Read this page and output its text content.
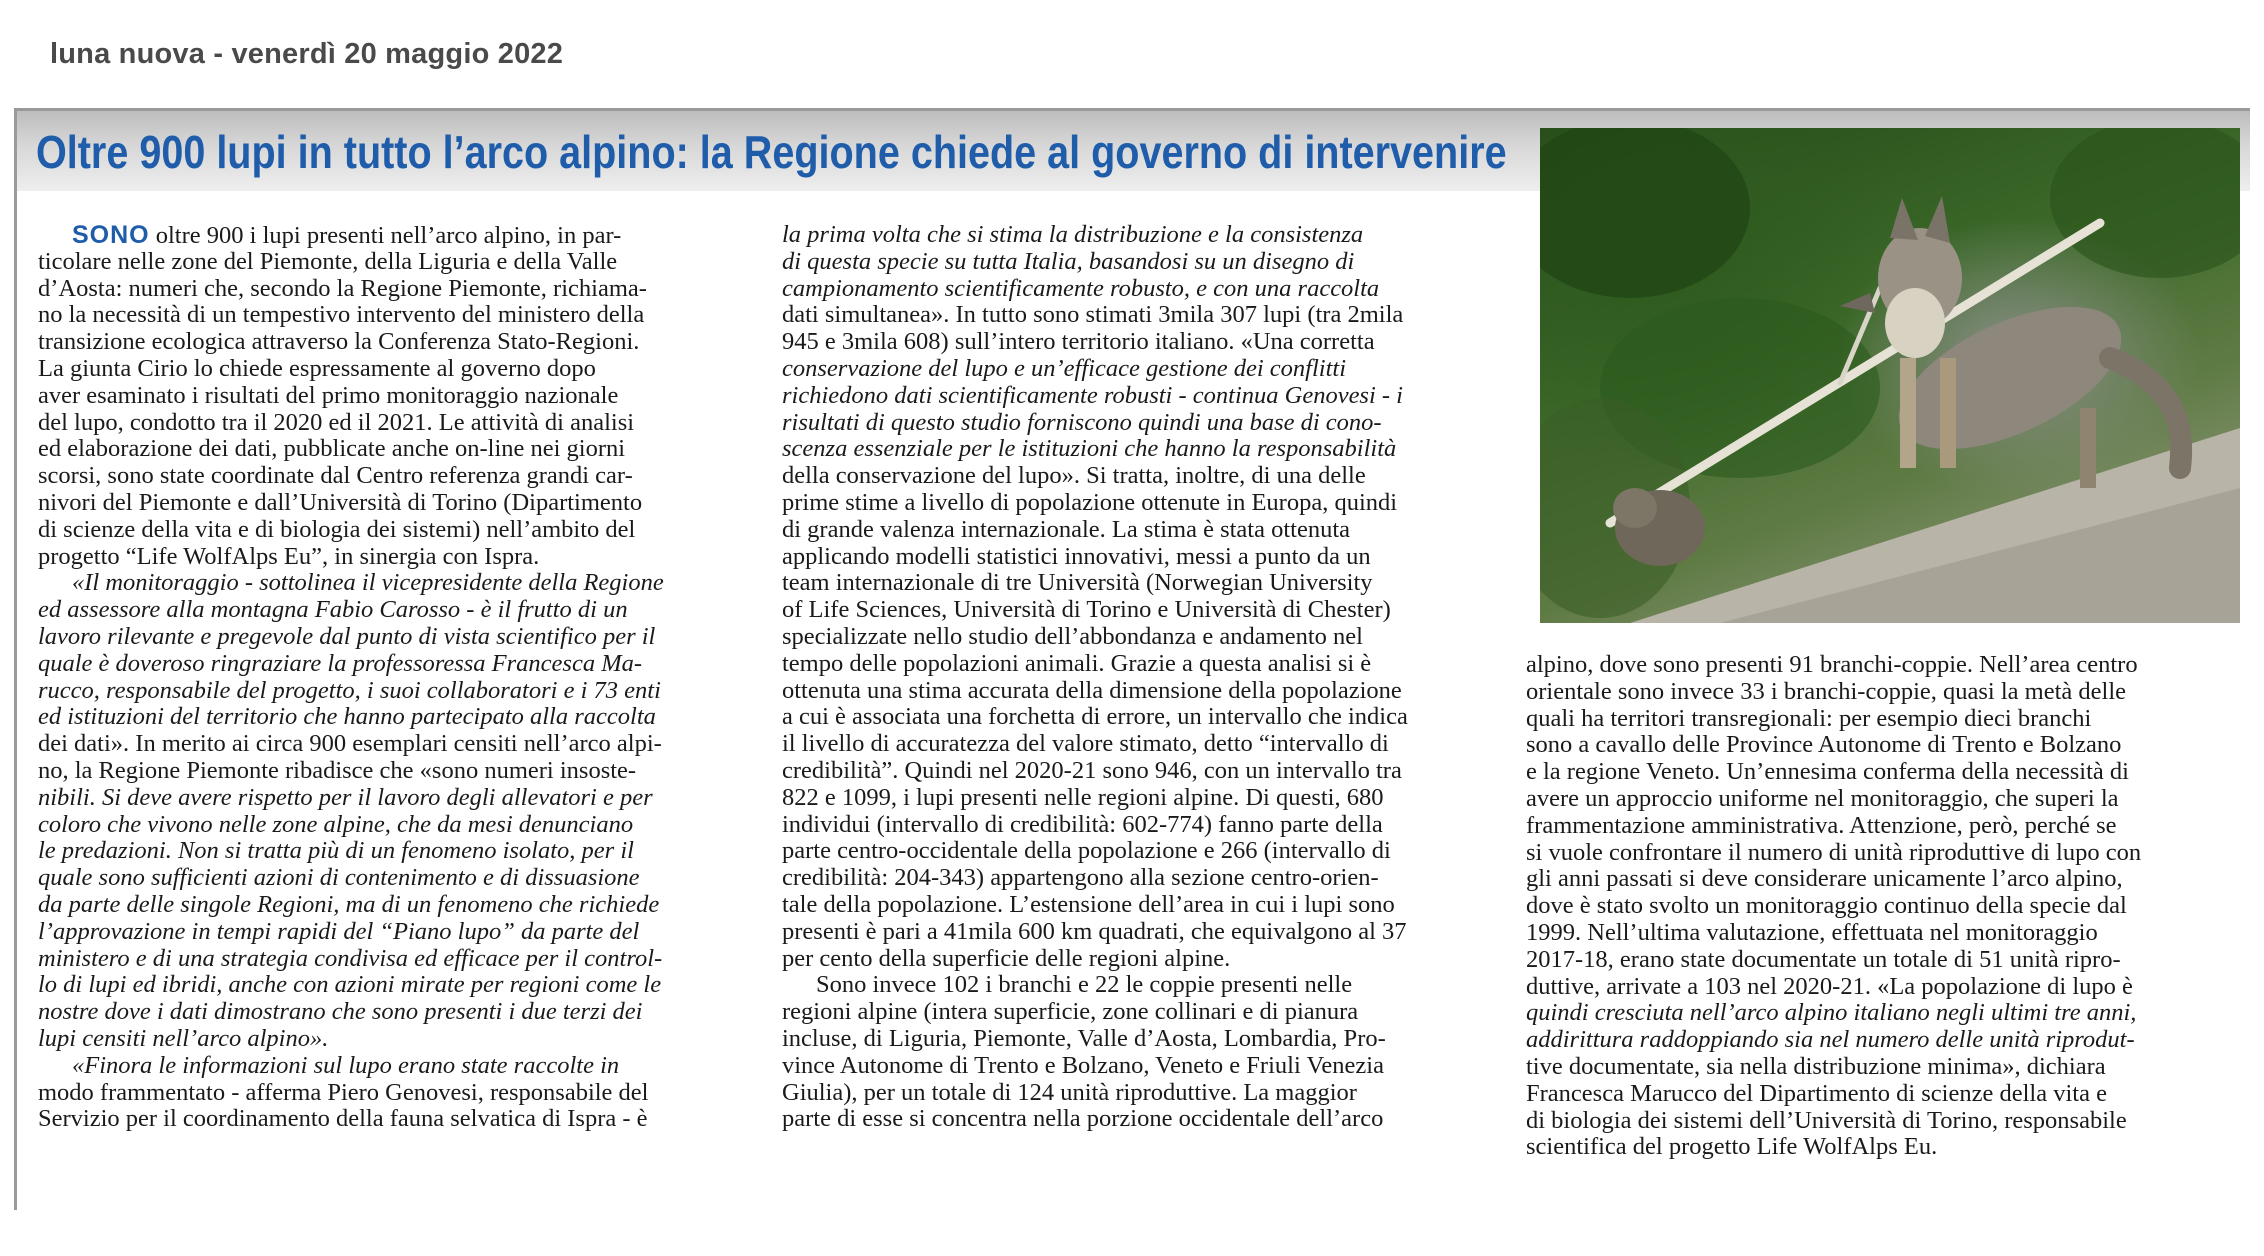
luna nuova - venerdì 20 maggio 2022
Oltre 900 lupi in tutto l’arco alpino: la Regione chiede al governo di intervenire
SONO oltre 900 i lupi presenti nell’arco alpino, in par-
ticolare nelle zone del Piemonte, della Liguria e della Valle
d’Aosta: numeri che, secondo la Regione Piemonte, richiama-
no la necessità di un tempestivo intervento del ministero della
transizione ecologica attraverso la Conferenza Stato-Regioni.
La giunta Cirio lo chiede espressamente al governo dopo
aver esaminato i risultati del primo monitoraggio nazionale
del lupo, condotto tra il 2020 ed il 2021. Le attività di analisi
ed elaborazione dei dati, pubblicate anche on-line nei giorni
scorsi, sono state coordinate dal Centro referenza grandi car-
nivori del Piemonte e dall’Università di Torino (Dipartimento
di scienze della vita e di biologia dei sistemi) nell’ambito del
progetto “Life WolfAlps Eu”, in sinergia con Ispra.
«Il monitoraggio - sottolinea il vicepresidente della Regione
ed assessore alla montagna Fabio Carosso - è il frutto di un
lavoro rilevante e pregevole dal punto di vista scientifico per il
quale è doveroso ringraziare la professoressa Francesca Ma-
rucco, responsabile del progetto, i suoi collaboratori e i 73 enti
ed istituzioni del territorio che hanno partecipato alla raccolta
dei dati». In merito ai circa 900 esemplari censiti nell’arco alpi-
no, la Regione Piemonte ribadisce che «sono numeri insoste-
nibili. Si deve avere rispetto per il lavoro degli allevatori e per
coloro che vivono nelle zone alpine, che da mesi denunciano
le predazioni. Non si tratta più di un fenomeno isolato, per il
quale sono sufficienti azioni di contenimento e di dissuasione
da parte delle singole Regioni, ma di un fenomeno che richiede
l’approvazione in tempi rapidi del “Piano lupo” da parte del
ministero e di una strategia condivisa ed efficace per il control-
lo di lupi ed ibridi, anche con azioni mirate per regioni come le
nostre dove i dati dimostrano che sono presenti i due terzi dei
lupi censiti nell’arco alpino».
«Finora le informazioni sul lupo erano state raccolte in
modo frammentato - afferma Piero Genovesi, responsabile del
Servizio per il coordinamento della fauna selvatica di Ispra - è
la prima volta che si stima la distribuzione e la consistenza
di questa specie su tutta Italia, basandosi su un disegno di
campionamento scientificamente robusto, e con una raccolta
dati simultanea». In tutto sono stimati 3mila 307 lupi (tra 2mila
945 e 3mila 608) sull’intero territorio italiano. «Una corretta
conservazione del lupo e un’efficace gestione dei conflitti
richiedono dati scientificamente robusti - continua Genovesi - i
risultati di questo studio forniscono quindi una base di cono-
scenza essenziale per le istituzioni che hanno la responsabilità
della conservazione del lupo». Si tratta, inoltre, di una delle
prime stime a livello di popolazione ottenute in Europa, quindi
di grande valenza internazionale. La stima è stata ottenuta
applicando modelli statistici innovativi, messi a punto da un
team internazionale di tre Università (Norwegian University
of Life Sciences, Università di Torino e Università di Chester)
specializzate nello studio dell’abbondanza e andamento nel
tempo delle popolazioni animali. Grazie a questa analisi si è
ottenuta una stima accurata della dimensione della popolazione
a cui è associata una forchetta di errore, un intervallo che indica
il livello di accuratezza del valore stimato, detto “intervallo di
credibilità”. Quindi nel 2020-21 sono 946, con un intervallo tra
822 e 1099, i lupi presenti nelle regioni alpine. Di questi, 680
individui (intervallo di credibilità: 602-774) fanno parte della
parte centro-occidentale della popolazione e 266 (intervallo di
credibilità: 204-343) appartengono alla sezione centro-orien-
tale della popolazione. L’estensione dell’area in cui i lupi sono
presenti è pari a 41mila 600 km quadrati, che equivalgono al 37
per cento della superficie delle regioni alpine.
Sono invece 102 i branchi e 22 le coppie presenti nelle
regioni alpine (intera superficie, zone collinari e di pianura
incluse, di Liguria, Piemonte, Valle d’Aosta, Lombardia, Pro-
vince Autonome di Trento e Bolzano, Veneto e Friuli Venezia
Giulia), per un totale di 124 unità riproduttive. La maggior
parte di esse si concentra nella porzione occidentale dell’arco
alpino, dove sono presenti 91 branchi-coppie. Nell’area centro
orientale sono invece 33 i branchi-coppie, quasi la metà delle
quali ha territori transregionali: per esempio dieci branchi
sono a cavallo delle Province Autonome di Trento e Bolzano
e la regione Veneto. Un’ennesima conferma della necessità di
avere un approccio uniforme nel monitoraggio, che superi la
frammentazione amministrativa. Attenzione, però, perché se
si vuole confrontare il numero di unità riproduttive di lupo con
gli anni passati si deve considerare unicamente l’arco alpino,
dove è stato svolto un monitoraggio continuo della specie dal
1999. Nell’ultima valutazione, effettuata nel monitoraggio
2017-18, erano state documentate un totale di 51 unità ripro-
duttive, arrivate a 103 nel 2020-21. «La popolazione di lupo è
quindi cresciuta nell’arco alpino italiano negli ultimi tre anni,
addirittura raddoppiando sia nel numero delle unità riprodut-
tive documentate, sia nella distribuzione minima», dichiara
Francesca Marucco del Dipartimento di scienze della vita e
di biologia dei sistemi dell’Università di Torino, responsabile
scientifica del progetto Life WolfAlps Eu.
